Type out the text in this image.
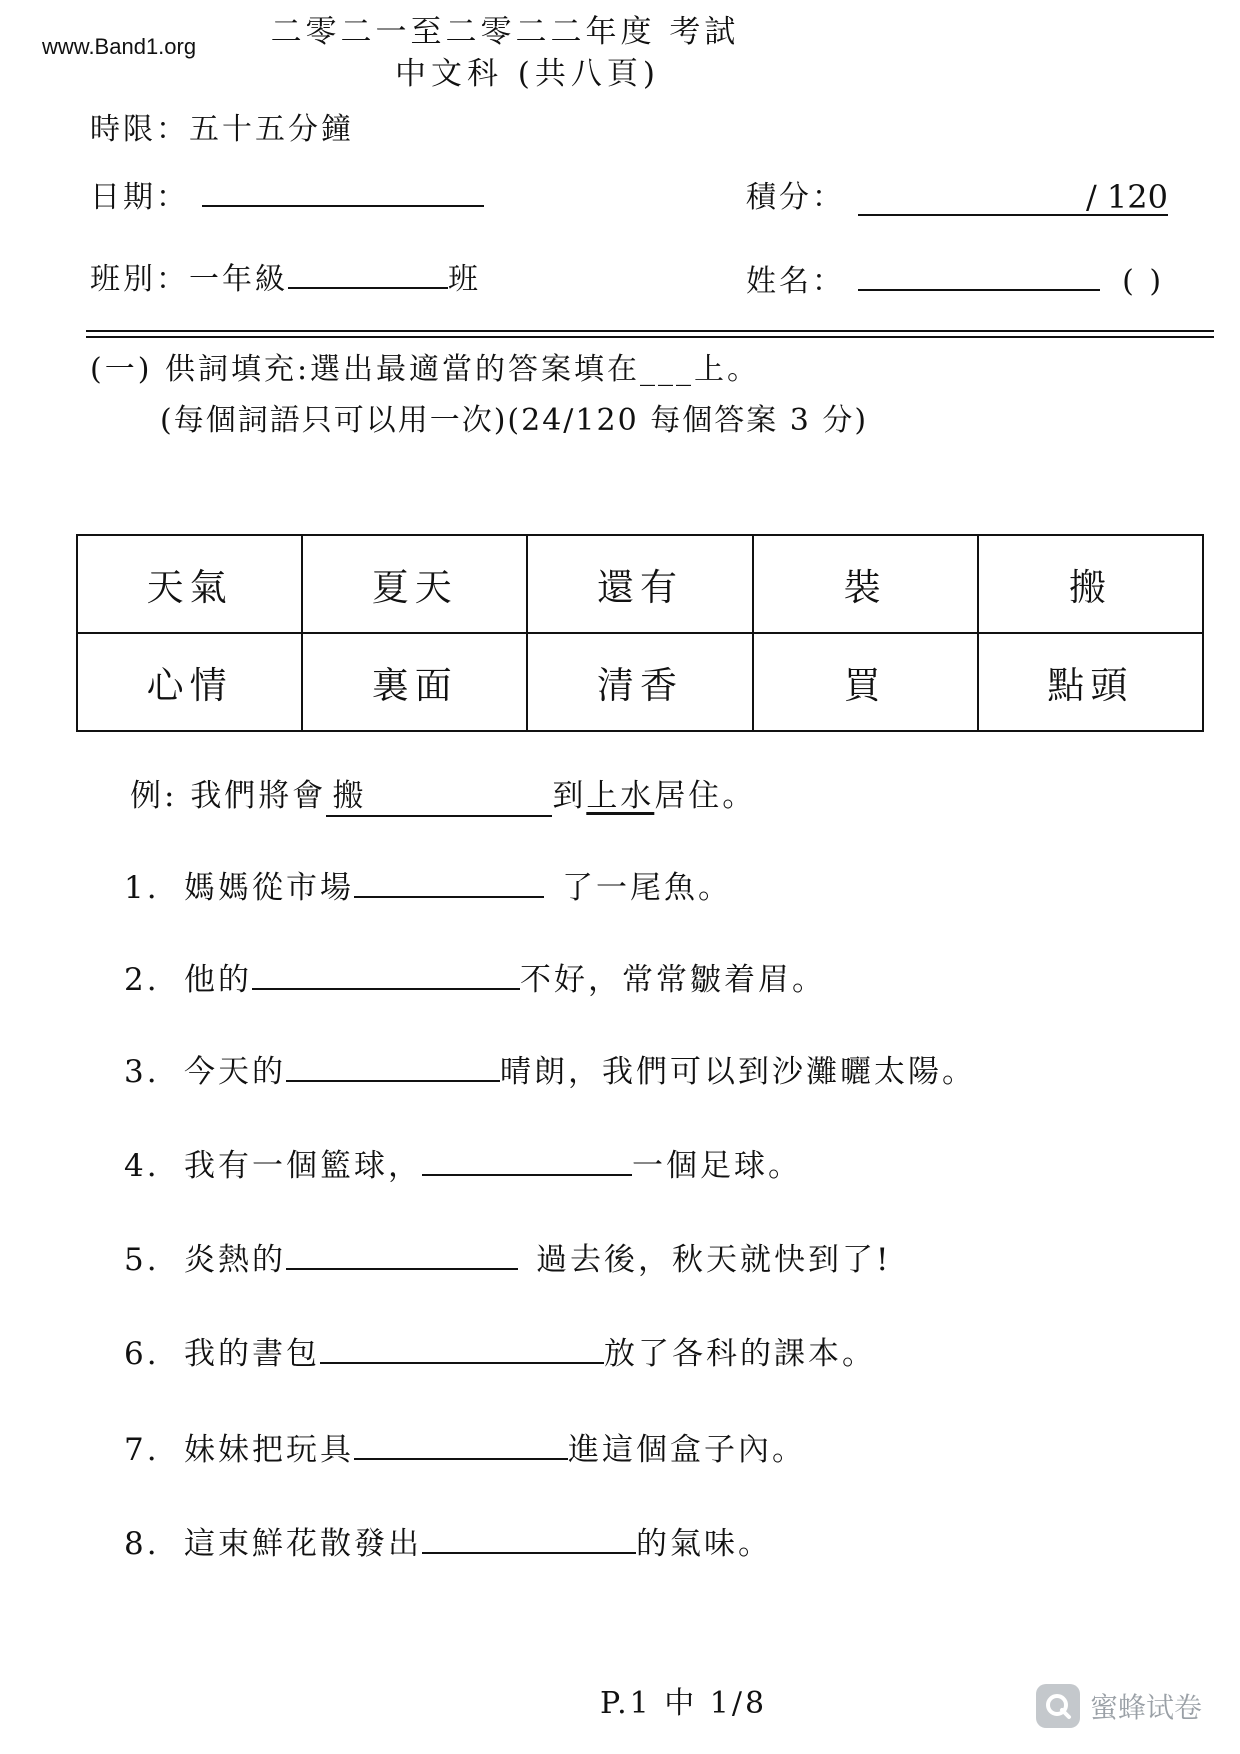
www.Band1.org	二零二一至二零二二年度 考試
中文科 (共八頁)
時限：五十五分鐘
日期：	積分：	/ 120
班別：一年級	班	姓名：	( )
(一) 供詞填充:選出最適當的答案填在___上。
(每個詞語只可以用一次)(24/120 每個答案 3 分)
天氣	夏天	還有	裝	搬
心情	裏面	清香	買	點頭
例: 我們將會 搬	到上水居住。
1. 媽媽從市場	了一尾魚。
2. 他的	不好，常常皺着眉。
3. 今天的	晴朗，我們可以到沙灘曬太陽。
4. 我有一個籃球，	一個足球。
5. 炎熱的	過去後，秋天就快到了!
6. 我的書包	放了各科的課本。
7. 妹妹把玩具	進這個盒子內。
8. 這束鮮花散發出	的氣味。
P.1 中 1/8	蜜蜂试卷
